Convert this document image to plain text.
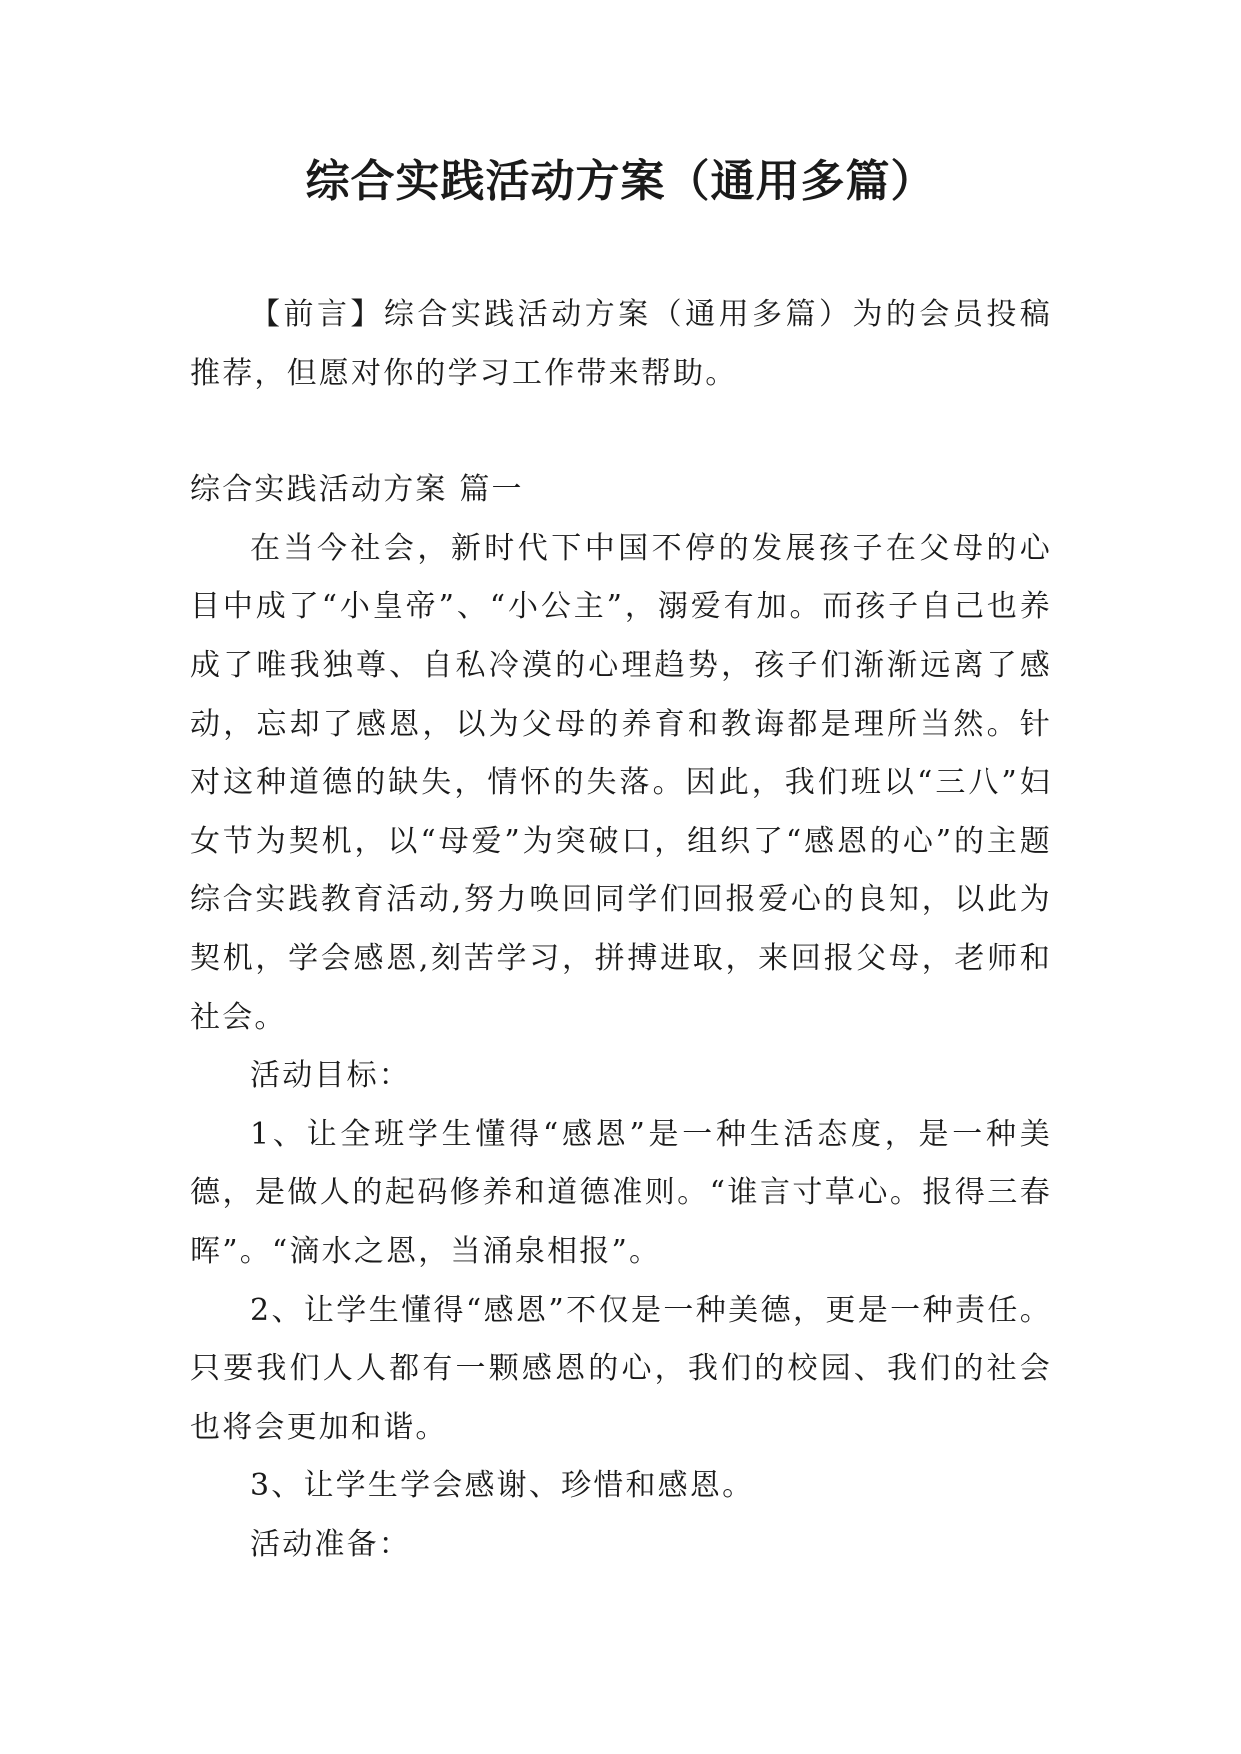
综合实践活动方案（通用多篇）

【前言】综合实践活动方案（通用多篇）为的会员投稿推荐，但愿对你的学习工作带来帮助。

综合实践活动方案 篇一

在当今社会，新时代下中国不停的发展孩子在父母的心目中成了“小皇帝”、“小公主”，溺爱有加。而孩子自己也养成了唯我独尊、自私冷漠的心理趋势，孩子们渐渐远离了感动，忘却了感恩，以为父母的养育和教诲都是理所当然。针对这种道德的缺失，情怀的失落。因此，我们班以“三八”妇女节为契机，以“母爱”为突破口，组织了“感恩的心”的主题综合实践教育活动,努力唤回同学们回报爱心的良知，以此为契机，学会感恩,刻苦学习，拼搏进取，来回报父母，老师和社会。

活动目标：

1、让全班学生懂得“感恩”是一种生活态度，是一种美德，是做人的起码修养和道德准则。“谁言寸草心。报得三春晖”。“滴水之恩，当涌泉相报”。

2、让学生懂得“感恩”不仅是一种美德，更是一种责任。只要我们人人都有一颗感恩的心，我们的校园、我们的社会也将会更加和谐。

3、让学生学会感谢、珍惜和感恩。

活动准备：
